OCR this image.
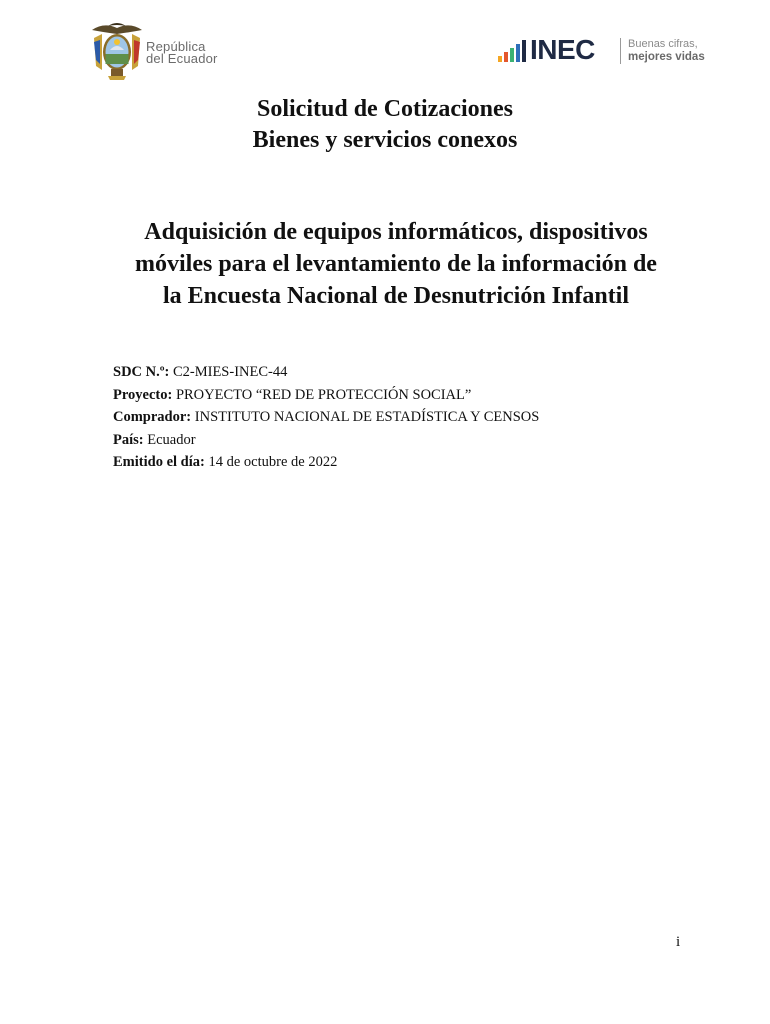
República
del Ecuador	INEC	Buenas cifras,
mejores vidas
Solicitud de Cotizaciones
Bienes y servicios conexos
Adquisición de equipos informáticos, dispositivos
móviles para el levantamiento de la información de
la Encuesta Nacional de Desnutrición Infantil
SDC N.º: C2-MIES-INEC-44
Proyecto: PROYECTO “RED DE PROTECCIÓN SOCIAL”
Comprador: INSTITUTO NACIONAL DE ESTADÍSTICA Y CENSOS
País: Ecuador
Emitido el día: 14 de octubre de 2022
i
